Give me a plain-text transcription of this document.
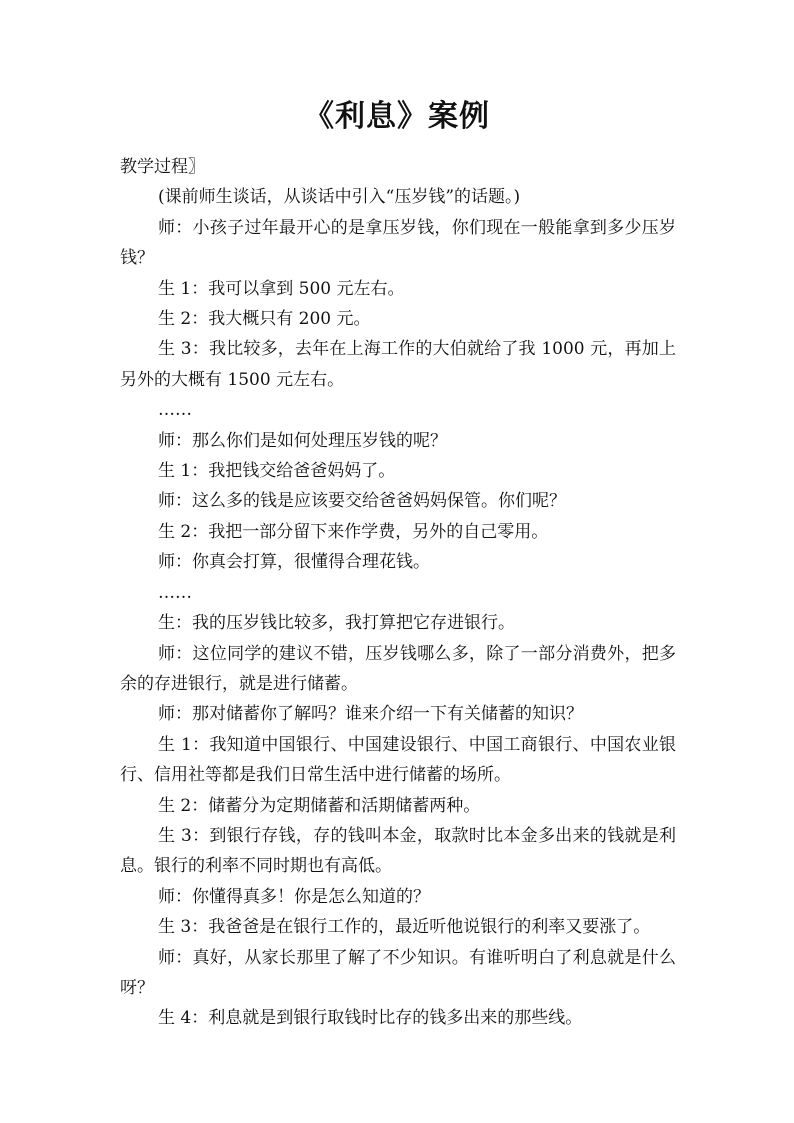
《利息》案例

教学过程〗

(课前师生谈话，从谈话中引入“压岁钱”的话题。)

师：小孩子过年最开心的是拿压岁钱，你们现在一般能拿到多少压岁钱？

生 1：我可以拿到 500 元左右。

生 2：我大概只有 200 元。

生 3：我比较多，去年在上海工作的大伯就给了我 1000 元，再加上另外的大概有 1500 元左右。

……

师：那么你们是如何处理压岁钱的呢？

生 1：我把钱交给爸爸妈妈了。

师：这么多的钱是应该要交给爸爸妈妈保管。你们呢？

生 2：我把一部分留下来作学费，另外的自己零用。

师：你真会打算，很懂得合理花钱。

……

生：我的压岁钱比较多，我打算把它存进银行。

师：这位同学的建议不错，压岁钱哪么多，除了一部分消费外，把多余的存进银行，就是进行储蓄。

师：那对储蓄你了解吗？谁来介绍一下有关储蓄的知识？

生 1：我知道中国银行、中国建设银行、中国工商银行、中国农业银行、信用社等都是我们日常生活中进行储蓄的场所。

生 2：储蓄分为定期储蓄和活期储蓄两种。

生 3：到银行存钱，存的钱叫本金，取款时比本金多出来的钱就是利息。银行的利率不同时期也有高低。

师：你懂得真多！你是怎么知道的？

生 3：我爸爸是在银行工作的，最近听他说银行的利率又要涨了。

师：真好，从家长那里了解了不少知识。有谁听明白了利息就是什么呀？

生 4：利息就是到银行取钱时比存的钱多出来的那些线。
